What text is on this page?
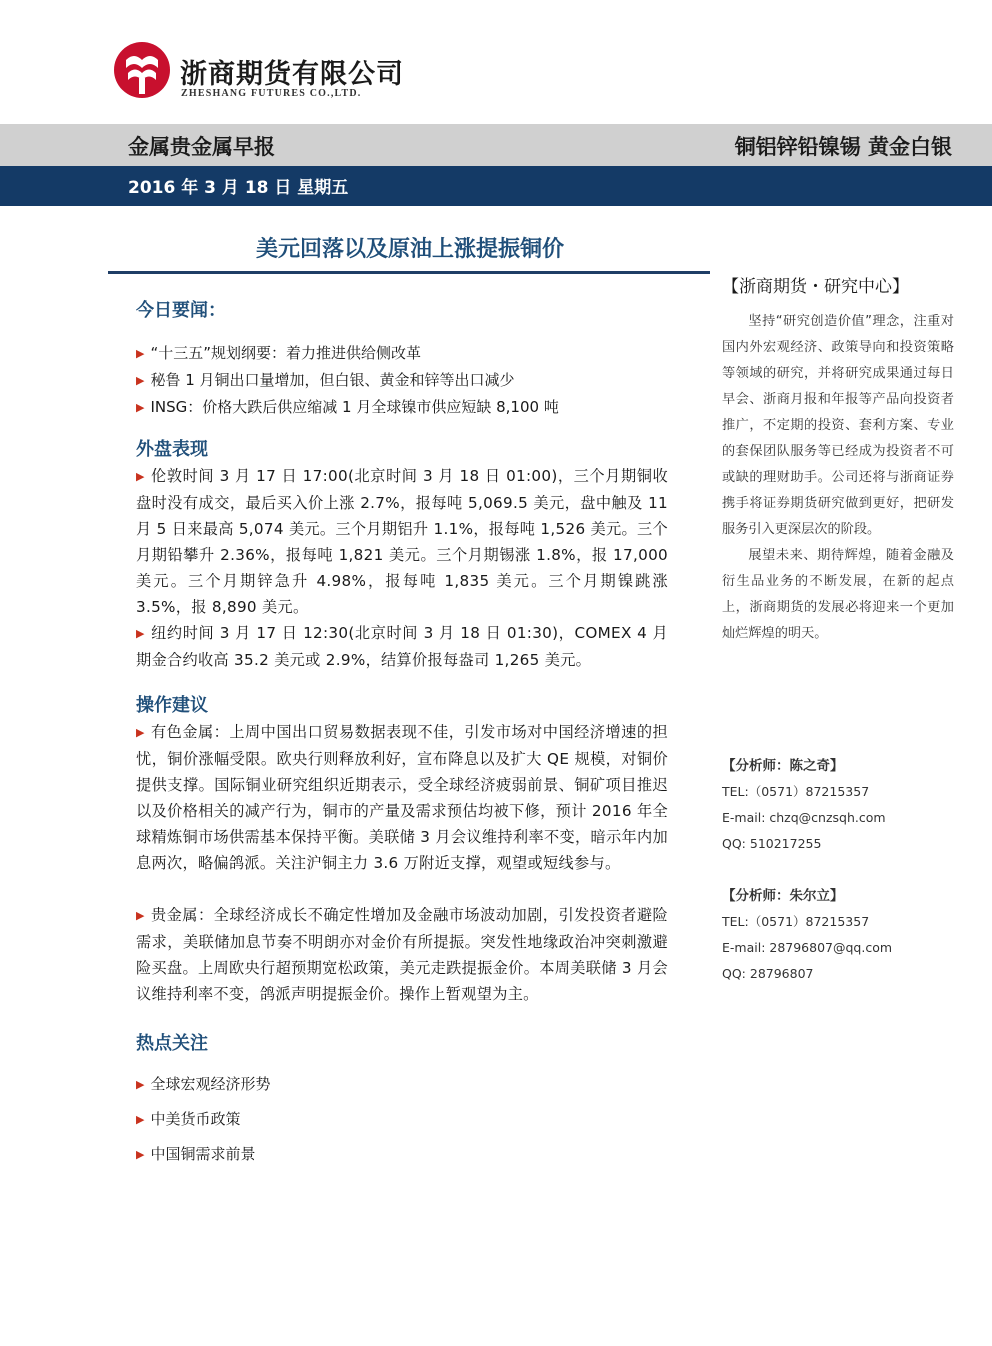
浙商期货有限公司
ZHESHANG FUTURES CO.,LTD.
金属贵金属早报	铜铝锌铅镍锡 黄金白银
2016 年 3 月 18 日 星期五
美元回落以及原油上涨提振铜价

今日要闻：

▶ “十三五”规划纲要：着力推进供给侧改革

▶ 秘鲁 1 月铜出口量增加，但白银、黄金和锌等出口减少

▶ INSG：价格大跌后供应缩减 1 月全球镍市供应短缺 8,100 吨

外盘表现

▶ 伦敦时间 3 月 17 日 17:00(北京时间 3 月 18 日 01:00)，三个月期铜收盘时没有成交，最后买入价上涨 2.7%，报每吨 5,069.5 美元，盘中触及 11 月 5 日来最高 5,074 美元。三个月期铝升 1.1%，报每吨 1,526 美元。三个月期铅攀升 2.36%，报每吨 1,821 美元。三个月期锡涨 1.8%，报 17,000 美元。三个月期锌急升 4.98%，报每吨 1,835 美元。三个月期镍跳涨 3.5%，报 8,890 美元。

▶ 纽约时间 3 月 17 日 12:30(北京时间 3 月 18 日 01:30)，COMEX 4 月期金合约收高 35.2 美元或 2.9%，结算价报每盎司 1,265 美元。

操作建议

▶ 有色金属：上周中国出口贸易数据表现不佳，引发市场对中国经济增速的担忧，铜价涨幅受限。欧央行则释放利好，宣布降息以及扩大 QE 规模，对铜价提供支撑。国际铜业研究组织近期表示，受全球经济疲弱前景、铜矿项目推迟以及价格相关的减产行为，铜市的产量及需求预估均被下修，预计 2016 年全球精炼铜市场供需基本保持平衡。美联储 3 月会议维持利率不变，暗示年内加息两次，略偏鸽派。关注沪铜主力 3.6 万附近支撑，观望或短线参与。

▶ 贵金属：全球经济成长不确定性增加及金融市场波动加剧，引发投资者避险需求，美联储加息节奏不明朗亦对金价有所提振。突发性地缘政治冲突刺激避险买盘。上周欧央行超预期宽松政策，美元走跌提振金价。本周美联储 3 月会议维持利率不变，鸽派声明提振金价。操作上暂观望为主。

热点关注

▶ 全球宏观经济形势

▶ 中美货币政策

▶ 中国铜需求前景

【浙商期货・研究中心】

坚持“研究创造价值”理念，注重对国内外宏观经济、政策导向和投资策略等领域的研究，并将研究成果通过每日早会、浙商月报和年报等产品向投资者推广，不定期的投资、套利方案、专业的套保团队服务等已经成为投资者不可或缺的理财助手。公司还将与浙商证券携手将证券期货研究做到更好，把研发服务引入更深层次的阶段。

展望未来、期待辉煌，随着金融及衍生品业务的不断发展，在新的起点上，浙商期货的发展必将迎来一个更加灿烂辉煌的明天。

【分析师：陈之奇】

TEL:（0571）87215357

E-mail: chzq@cnzsqh.com

QQ: 510217255

【分析师：朱尔立】

TEL:（0571）87215357

E-mail: 28796807@qq.com

QQ: 28796807
